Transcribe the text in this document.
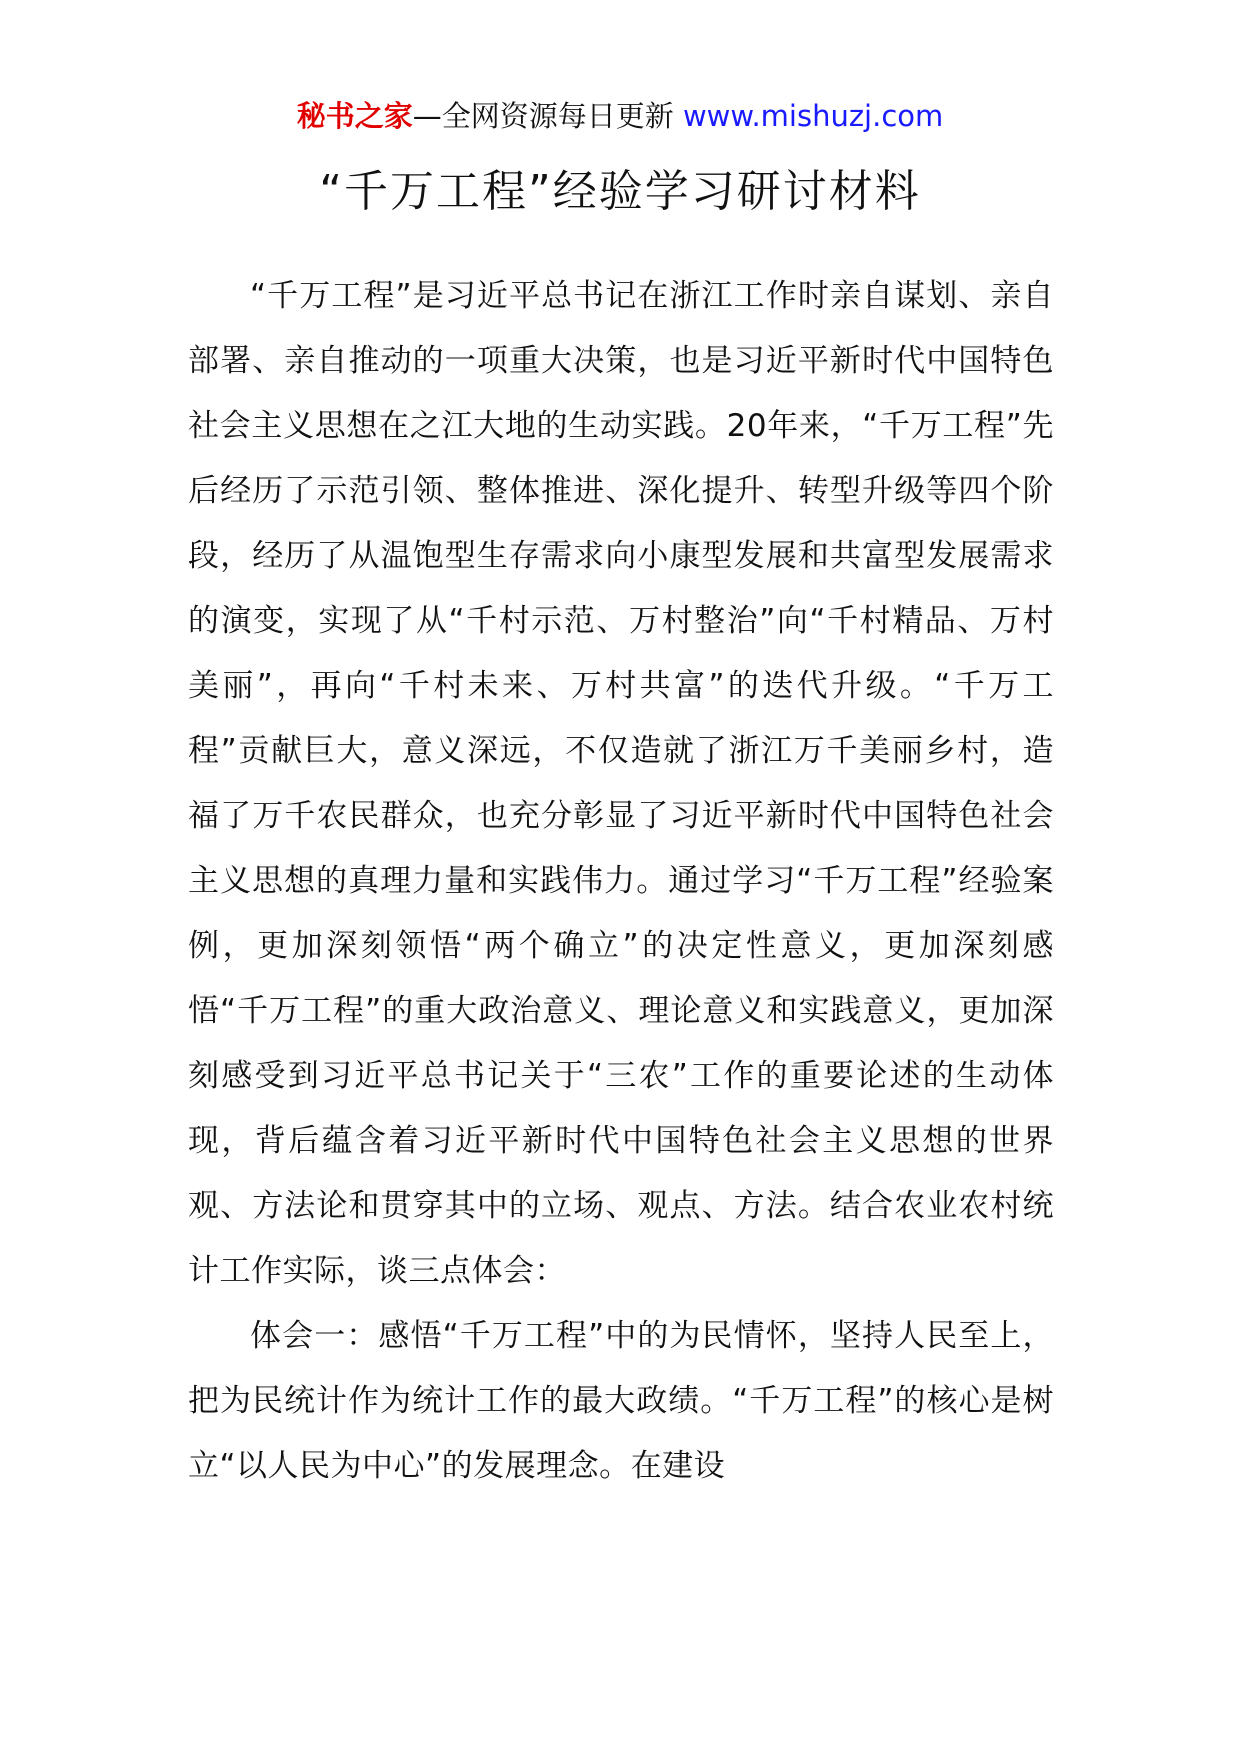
秘书之家—全网资源每日更新 www.mishuzj.com
“千万工程”经验学习研讨材料

“千万工程”是习近平总书记在浙江工作时亲自谋划、亲自部署、亲自推动的一项重大决策，也是习近平新时代中国特色社会主义思想在之江大地的生动实践。20年来，“千万工程”先后经历了示范引领、整体推进、深化提升、转型升级等四个阶段，经历了从温饱型生存需求向小康型发展和共富型发展需求的演变，实现了从“千村示范、万村整治”向“千村精品、万村美丽”，再向“千村未来、万村共富”的迭代升级。“千万工程”贡献巨大，意义深远，不仅造就了浙江万千美丽乡村，造福了万千农民群众，也充分彰显了习近平新时代中国特色社会主义思想的真理力量和实践伟力。通过学习“千万工程”经验案例，更加深刻领悟“两个确立”的决定性意义，更加深刻感悟“千万工程”的重大政治意义、理论意义和实践意义，更加深刻感受到习近平总书记关于“三农”工作的重要论述的生动体现，背后蕴含着习近平新时代中国特色社会主义思想的世界观、方法论和贯穿其中的立场、观点、方法。结合农业农村统计工作实际，谈三点体会：

体会一：感悟“千万工程”中的为民情怀，坚持人民至上，把为民统计作为统计工作的最大政绩。“千万工程”的核心是树立“以人民为中心”的发展理念。在建设
